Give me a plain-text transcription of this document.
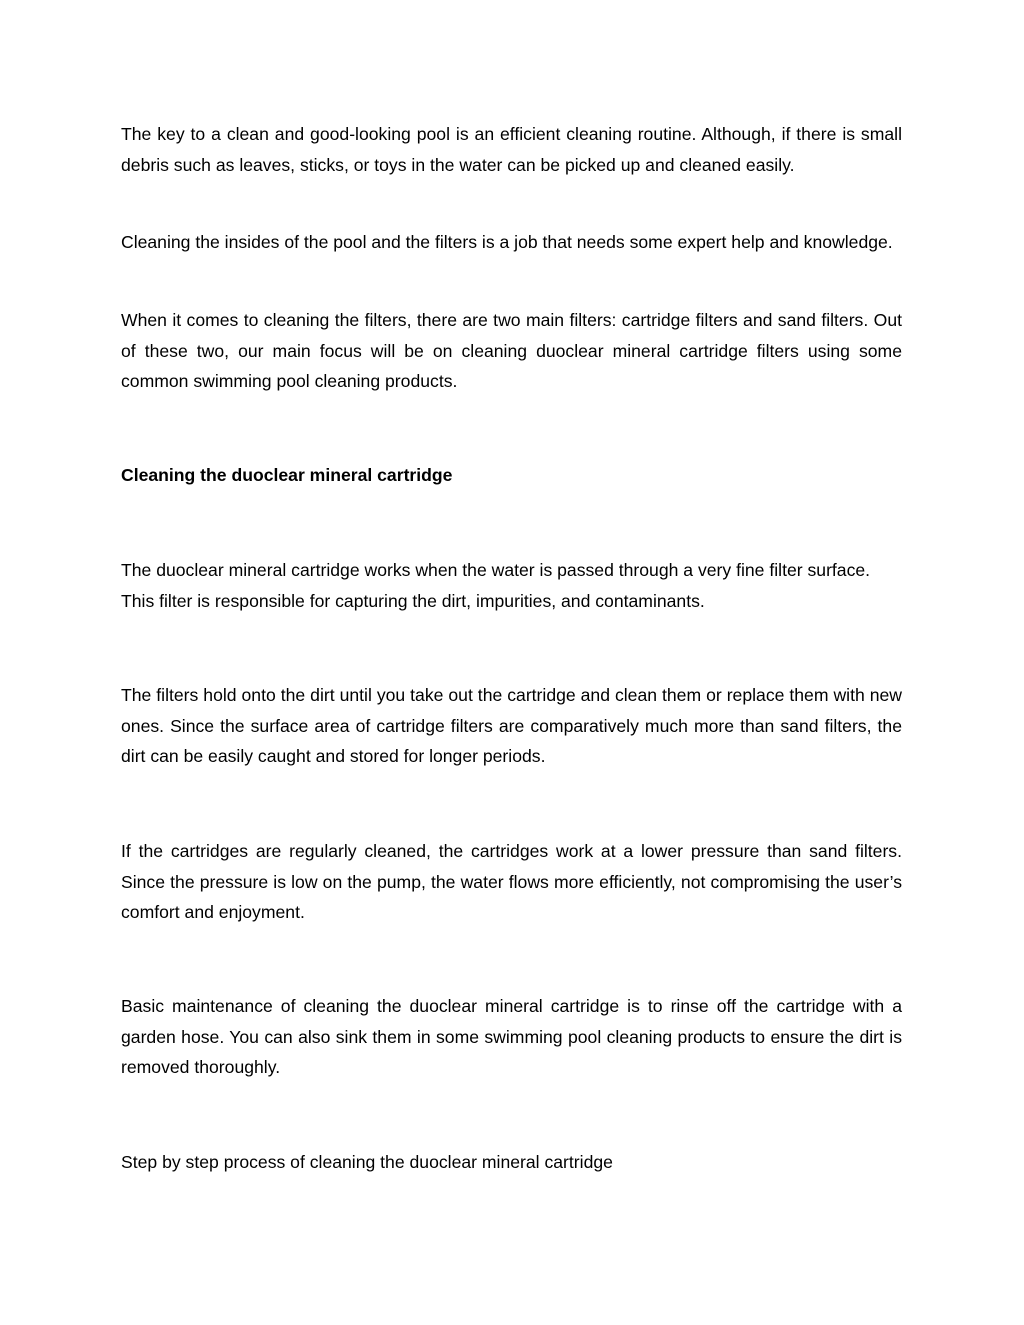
The key to a clean and good-looking pool is an efficient cleaning routine. Although, if there is small debris such as leaves, sticks, or toys in the water can be picked up and cleaned easily.

Cleaning the insides of the pool and the filters is a job that needs some expert help and knowledge.

When it comes to cleaning the filters, there are two main filters: cartridge filters and sand filters. Out of these two, our main focus will be on cleaning duoclear mineral cartridge filters using some common swimming pool cleaning products.

Cleaning the duoclear mineral cartridge

The duoclear mineral cartridge works when the water is passed through a very fine filter surface. This filter is responsible for capturing the dirt, impurities, and contaminants.

The filters hold onto the dirt until you take out the cartridge and clean them or replace them with new ones. Since the surface area of cartridge filters are comparatively much more than sand filters, the dirt can be easily caught and stored for longer periods.

If the cartridges are regularly cleaned, the cartridges work at a lower pressure than sand filters. Since the pressure is low on the pump, the water flows more efficiently, not compromising the user’s comfort and enjoyment.

Basic maintenance of cleaning the duoclear mineral cartridge is to rinse off the cartridge with a garden hose. You can also sink them in some swimming pool cleaning products to ensure the dirt is removed thoroughly.

Step by step process of cleaning the duoclear mineral cartridge
